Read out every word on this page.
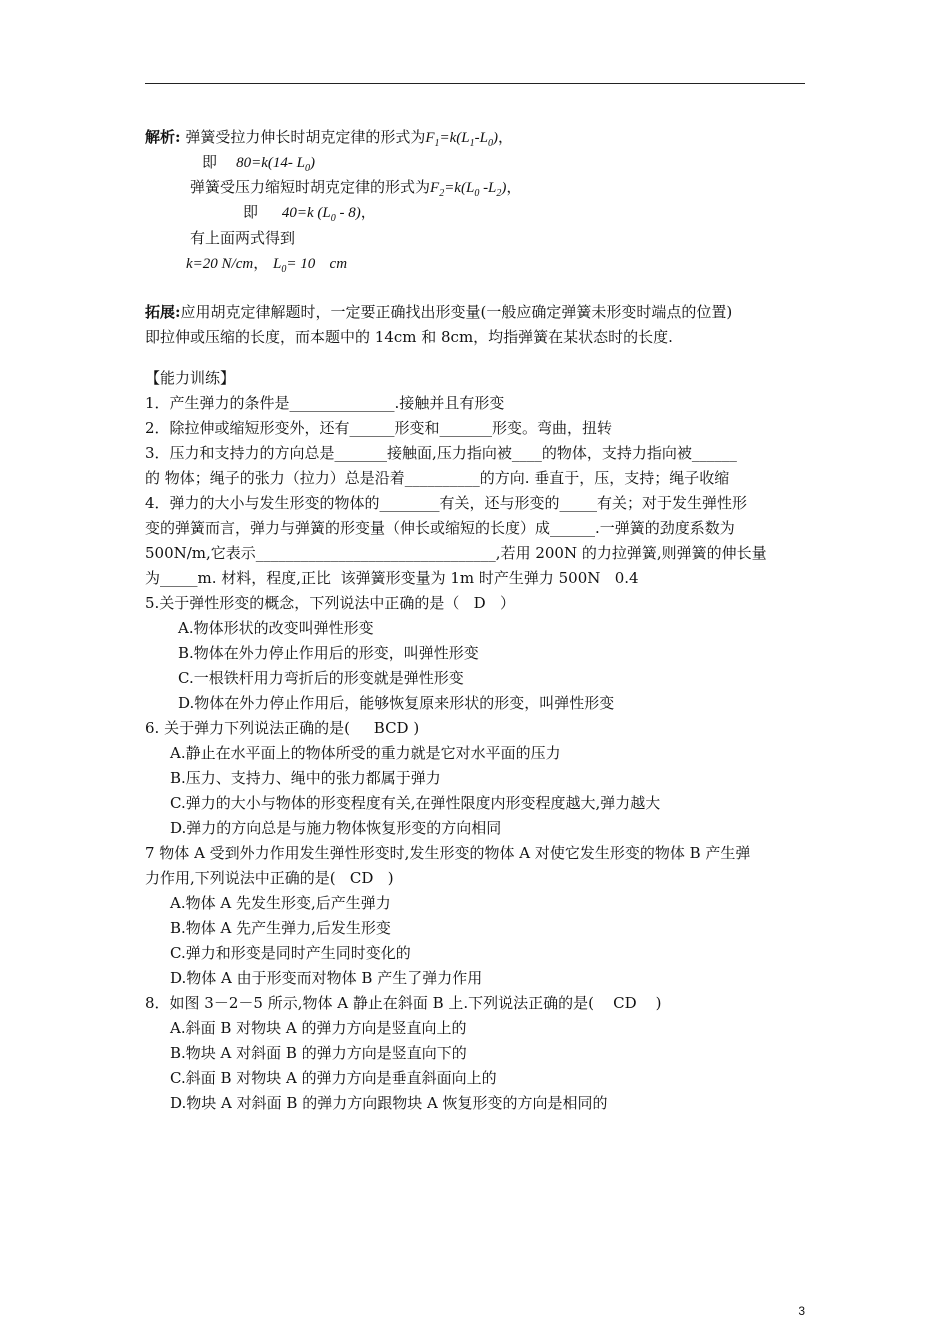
解析: 弹簧受拉力伸长时胡克定律的形式为$F_1=k(L_1-L_0)$，
即 80=k(14- $L_0$)
弹簧受压力缩短时胡克定律的形式为$F_2=k(L_0$ $-L_2$)，
即 40=k $(L_0 - 8)$，
有上面两式得到
k=20 N/cm， $L_0= 10$ cm
拓展:应用胡克定律解题时，一定要正确找出形变量(一般应确定弹簧未形变时端点的位置)
即拉伸或压缩的长度，而本题中的 14cm 和 8cm，均指弹簧在某状态时的长度.
【能力训练】
1．产生弹力的条件是______________.接触并且有形变
2．除拉伸或缩短形变外，还有______形变和_______形变。弯曲，扭转
3．压力和支持力的方向总是_______接触面,压力指向被____的物体，支持力指向被______
的 物体；绳子的张力（拉力）总是沿着__________的方向. 垂直于，压，支持；绳子收缩
4．弹力的大小与发生形变的物体的________有关，还与形变的_____有关；对于发生弹性形
变的弹簧而言，弹力与弹簧的形变量（伸长或缩短的长度）成______.一弹簧的劲度系数为
500N/m,它表示________________________________,若用 200N 的力拉弹簧,则弹簧的伸长量
为_____m. 材料，程度,正比  该弹簧形变量为 1m 时产生弹力 500N   0.4
5.关于弹性形变的概念，下列说法中正确的是（   D   ）
A.物体形状的改变叫弹性形变
B.物体在外力停止作用后的形变，叫弹性形变
C.一根铁杆用力弯折后的形变就是弹性形变
D.物体在外力停止作用后，能够恢复原来形状的形变，叫弹性形变
6. 关于弹力下列说法正确的是(     BCD )
A.静止在水平面上的物体所受的重力就是它对水平面的压力
B.压力、支持力、绳中的张力都属于弹力
C.弹力的大小与物体的形变程度有关,在弹性限度内形变程度越大,弹力越大
D.弹力的方向总是与施力物体恢复形变的方向相同
7 物体 A 受到外力作用发生弹性形变时,发生形变的物体 A 对使它发生形变的物体 B 产生弹
力作用,下列说法中正确的是(   CD   )
A.物体 A 先发生形变,后产生弹力
B.物体 A 先产生弹力,后发生形变
C.弹力和形变是同时产生同时变化的
D.物体 A 由于形变而对物体 B 产生了弹力作用
8．如图 3－2－5 所示,物体 A 静止在斜面 B 上.下列说法正确的是(    CD    )
A.斜面 B 对物块 A 的弹力方向是竖直向上的
B.物块 A 对斜面 B 的弹力方向是竖直向下的
C.斜面 B 对物块 A 的弹力方向是垂直斜面向上的
D.物块 A 对斜面 B 的弹力方向跟物块 A 恢复形变的方向是相同的
3
